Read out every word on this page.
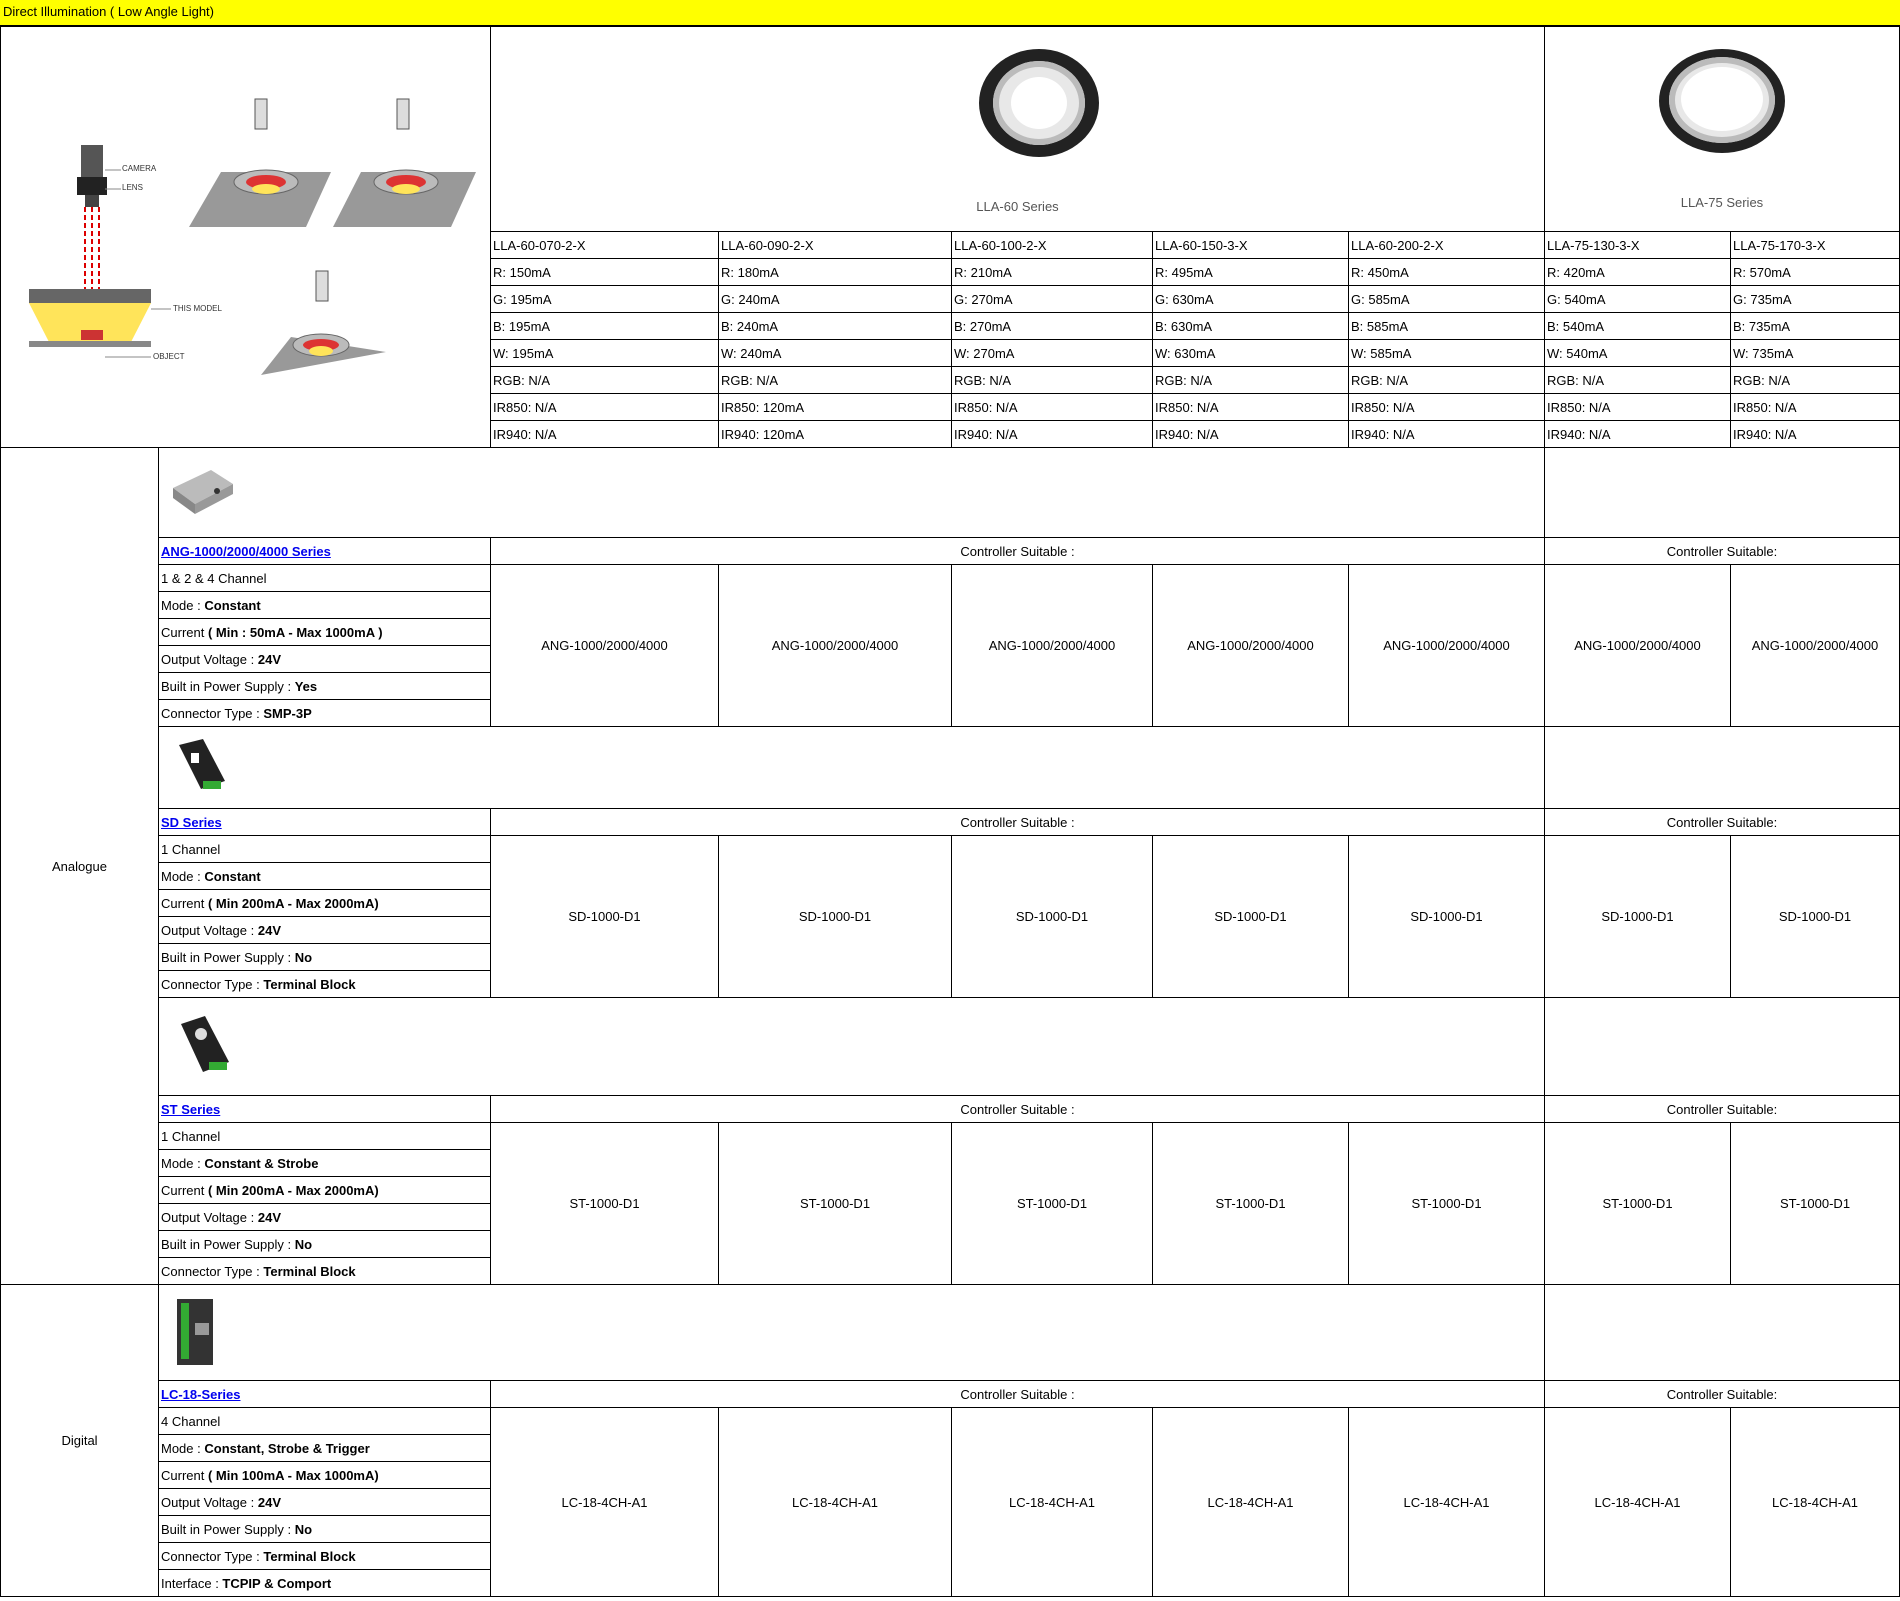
Direct Illumination ( Low Angle Light)
CAMERA
LENS
THIS MODEL
OBJECT		LLA-60 Series					LLA-75 Series	

		LLA-60-070-2-X	LLA-60-090-2-X	LLA-60-100-2-X	LLA-60-150-3-X	LLA-60-200-2-X	LLA-75-130-3-X	LLA-75-170-3-X
		R: 150mA	R: 180mA	R: 210mA	R: 495mA	R: 450mA	R: 420mA	R: 570mA
		G: 195mA	G: 240mA	G: 270mA	G: 630mA	G: 585mA	G: 540mA	G: 735mA
		B: 195mA	B: 240mA	B: 270mA	B: 630mA	B: 585mA	B: 540mA	B: 735mA
		W: 195mA	W: 240mA	W: 270mA	W: 630mA	W: 585mA	W: 540mA	W: 735mA
		RGB: N/A	RGB: N/A	RGB: N/A	RGB: N/A	RGB: N/A	RGB: N/A	RGB: N/A
		IR850: N/A	IR850: 120mA	IR850: N/A	IR850: N/A	IR850: N/A	IR850: N/A	IR850: N/A
		IR940: N/A	IR940: 120mA	IR940: N/A	IR940: N/A	IR940: N/A	IR940: N/A	IR940: N/A
Analogue	

	ANG-1000/2000/4000 Series	Controller Suitable :					Controller Suitable:	
	1 & 2 & 4 Channel	ANG-1000/2000/4000	ANG-1000/2000/4000	ANG-1000/2000/4000	ANG-1000/2000/4000	ANG-1000/2000/4000	ANG-1000/2000/4000	ANG-1000/2000/4000
	Mode : Constant							
	Current ( Min : 50mA - Max 1000mA )							
	Output Voltage : 24V							
	Built in Power Supply : Yes							
	Connector Type : SMP-3P							

	SD Series	Controller Suitable :					Controller Suitable:	
	1 Channel	SD-1000-D1	SD-1000-D1	SD-1000-D1	SD-1000-D1	SD-1000-D1	SD-1000-D1	SD-1000-D1
	Mode : Constant							
	Current ( Min 200mA - Max 2000mA)							
	Output Voltage : 24V							
	Built in Power Supply : No							
	Connector Type : Terminal Block							

	ST Series	Controller Suitable :					Controller Suitable:	
	1 Channel	ST-1000-D1	ST-1000-D1	ST-1000-D1	ST-1000-D1	ST-1000-D1	ST-1000-D1	ST-1000-D1
	Mode : Constant & Strobe							
	Current ( Min 200mA - Max 2000mA)							
	Output Voltage : 24V							
	Built in Power Supply : No							
	Connector Type : Terminal Block							
Digital	

	LC-18-Series	Controller Suitable :					Controller Suitable:	
	4 Channel	LC-18-4CH-A1	LC-18-4CH-A1	LC-18-4CH-A1	LC-18-4CH-A1	LC-18-4CH-A1	LC-18-4CH-A1	LC-18-4CH-A1
	Mode : Constant, Strobe & Trigger							
	Current ( Min 100mA - Max 1000mA)							
	Output Voltage : 24V							
	Built in Power Supply : No							
	Connector Type : Terminal Block							
	Interface : TCPIP & Comport							
